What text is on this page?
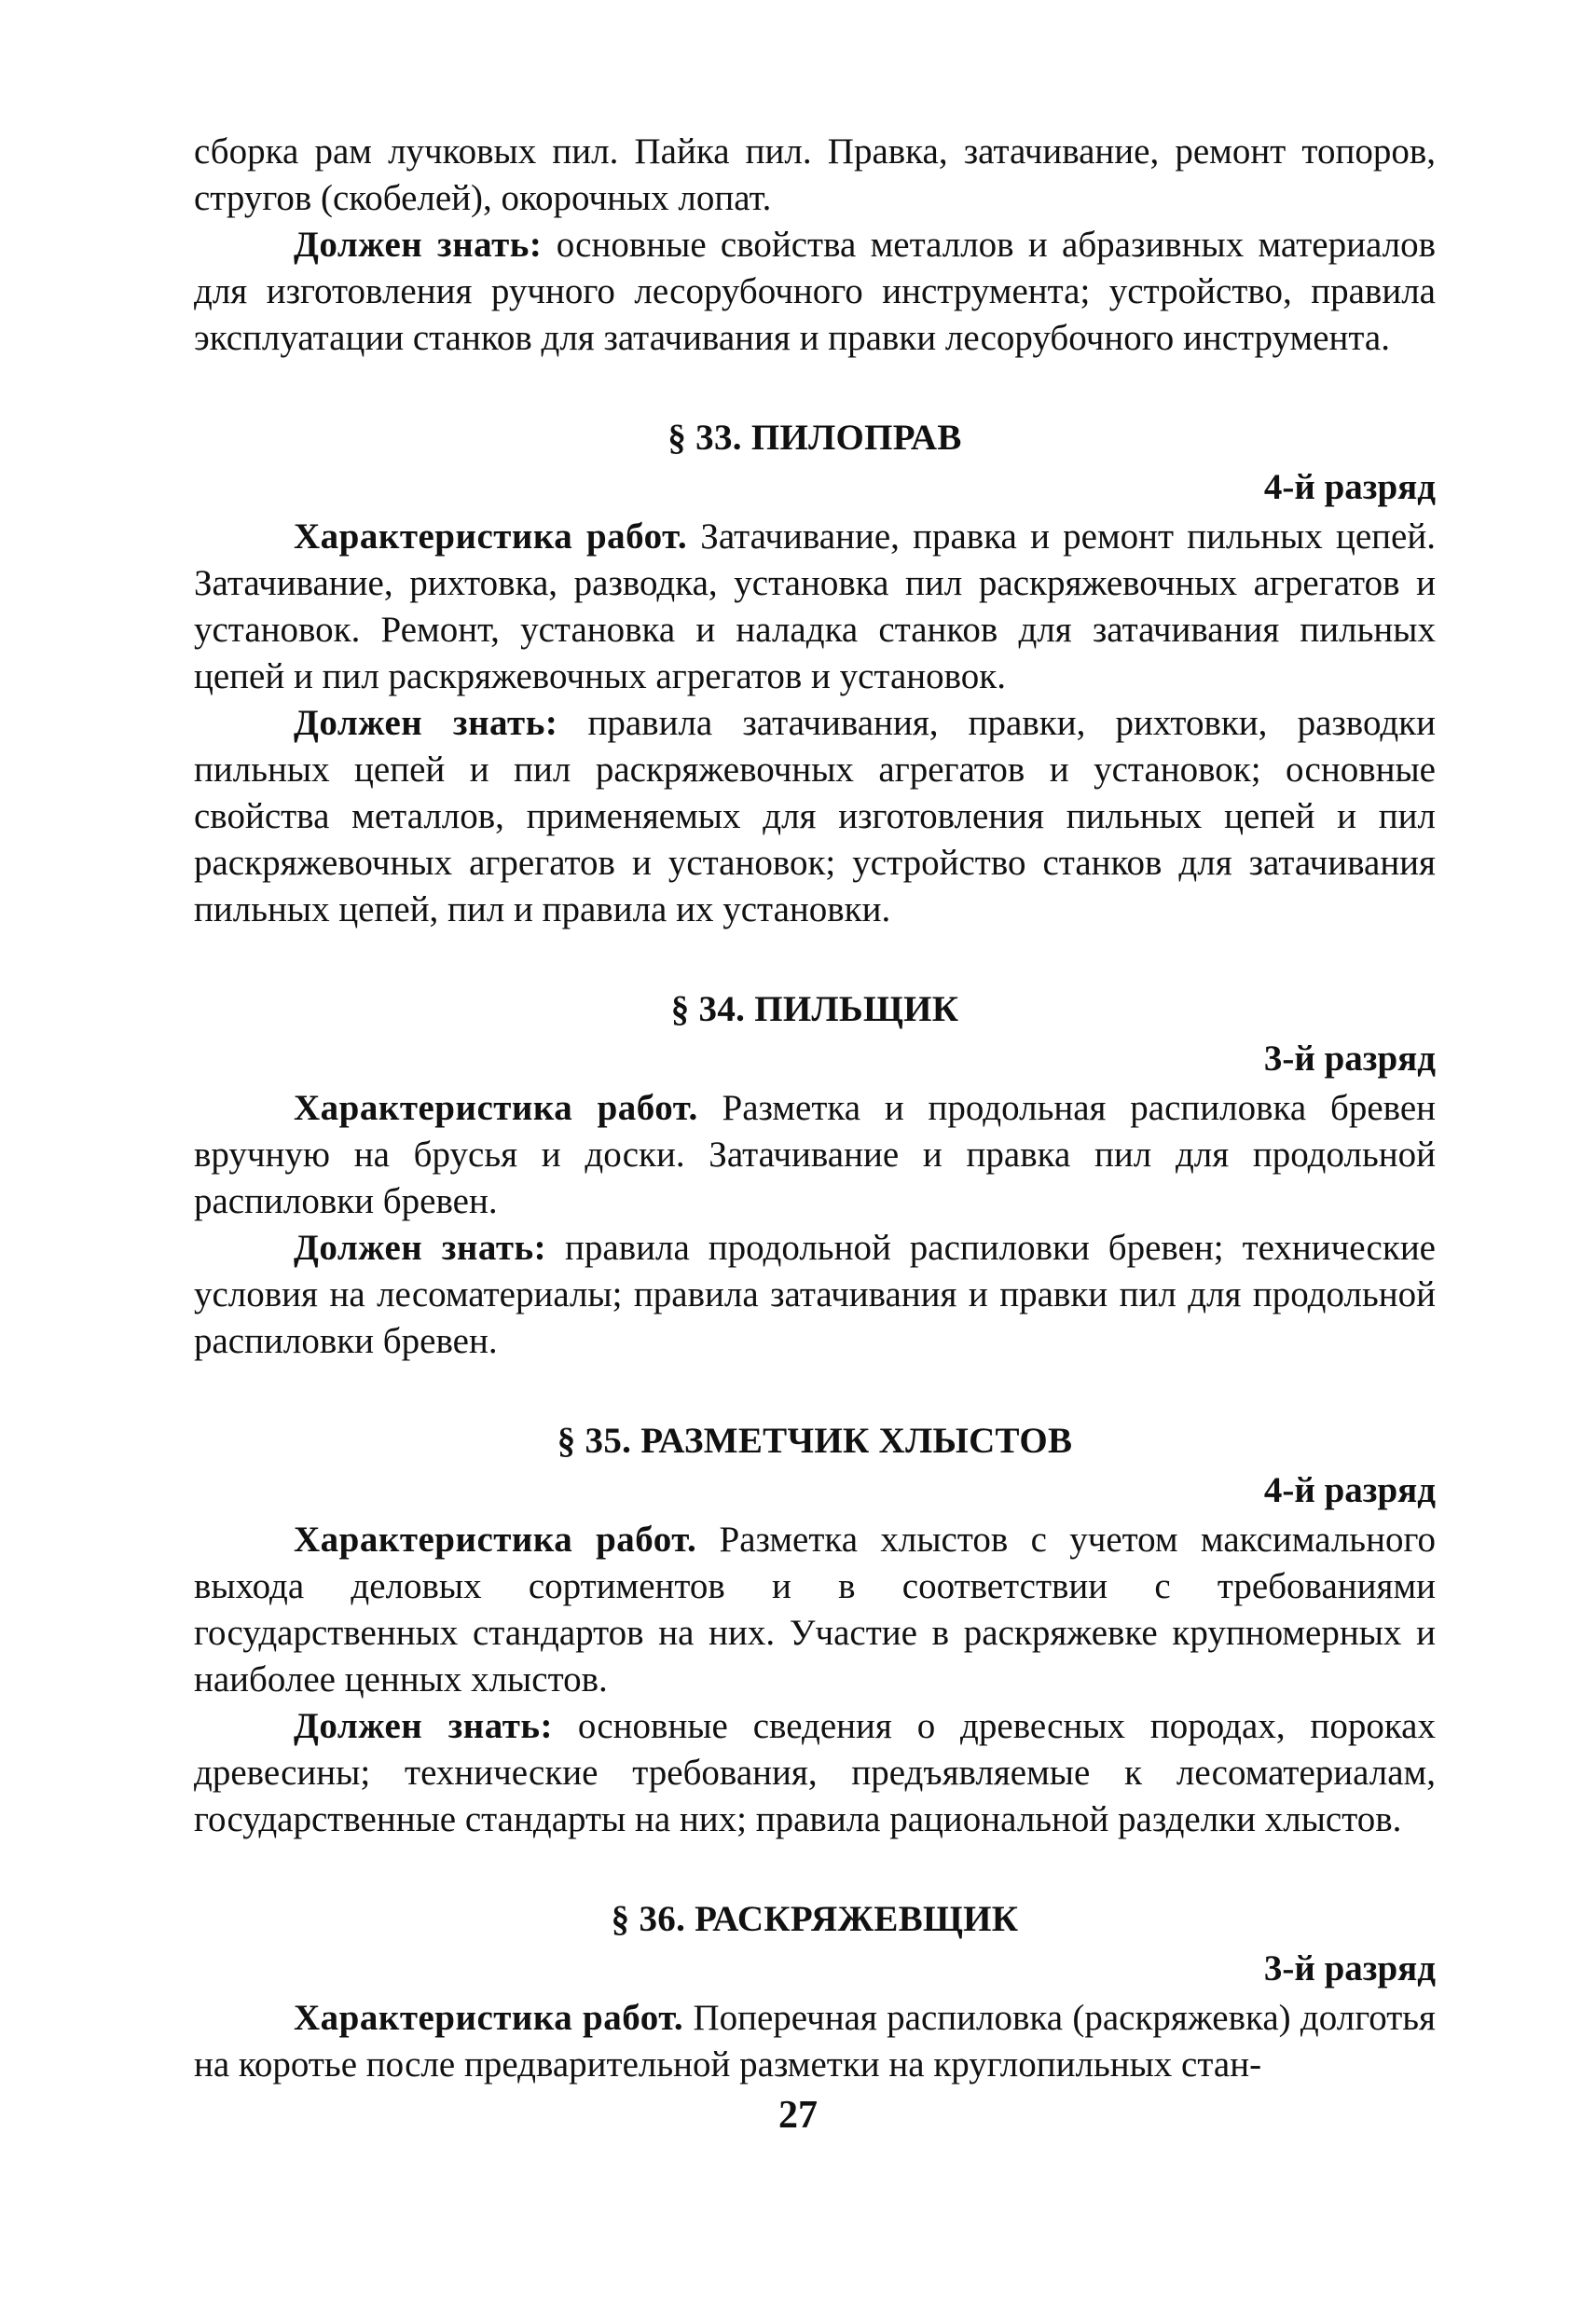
сборка рам лучковых пил. Пайка пил. Правка, затачивание, ремонт топоров, стругов (скобелей), окорочных лопат.

Должен знать: основные свойства металлов и абразивных материалов для изготовления ручного лесорубочного инструмента; устройство, правила эксплуатации станков для затачивания и правки лесорубочного инструмента.

§ 33. ПИЛОПРАВ
4-й разряд

Характеристика работ. Затачивание, правка и ремонт пильных цепей. Затачивание, рихтовка, разводка, установка пил раскряжевочных агрегатов и установок. Ремонт, установка и наладка станков для затачивания пильных цепей и пил раскряжевочных агрегатов и установок.

Должен знать: правила затачивания, правки, рихтовки, разводки пильных цепей и пил раскряжевочных агрегатов и установок; основные свойства металлов, применяемых для изготовления пильных цепей и пил раскряжевочных агрегатов и установок; устройство станков для затачивания пильных цепей, пил и правила их установки.

§ 34. ПИЛЬЩИК
3-й разряд

Характеристика работ. Разметка и продольная распиловка бревен вручную на брусья и доски. Затачивание и правка пил для продольной распиловки бревен.

Должен знать: правила продольной распиловки бревен; технические условия на лесоматериалы; правила затачивания и правки пил для продольной распиловки бревен.

§ 35. РАЗМЕТЧИК ХЛЫСТОВ
4-й разряд

Характеристика работ. Разметка хлыстов с учетом максимального выхода деловых сортиментов и в соответствии с требованиями государственных стандартов на них. Участие в раскряжевке крупномерных и наиболее ценных хлыстов.

Должен знать: основные сведения о древесных породах, пороках древесины; технические требования, предъявляемые к лесоматериалам, государственные стандарты на них; правила рациональной разделки хлыстов.

§ 36. РАСКРЯЖЕВЩИК
3-й разряд

Характеристика работ. Поперечная распиловка (раскряжевка) долготья на коротье после предварительной разметки на круглопильных стан-

27
